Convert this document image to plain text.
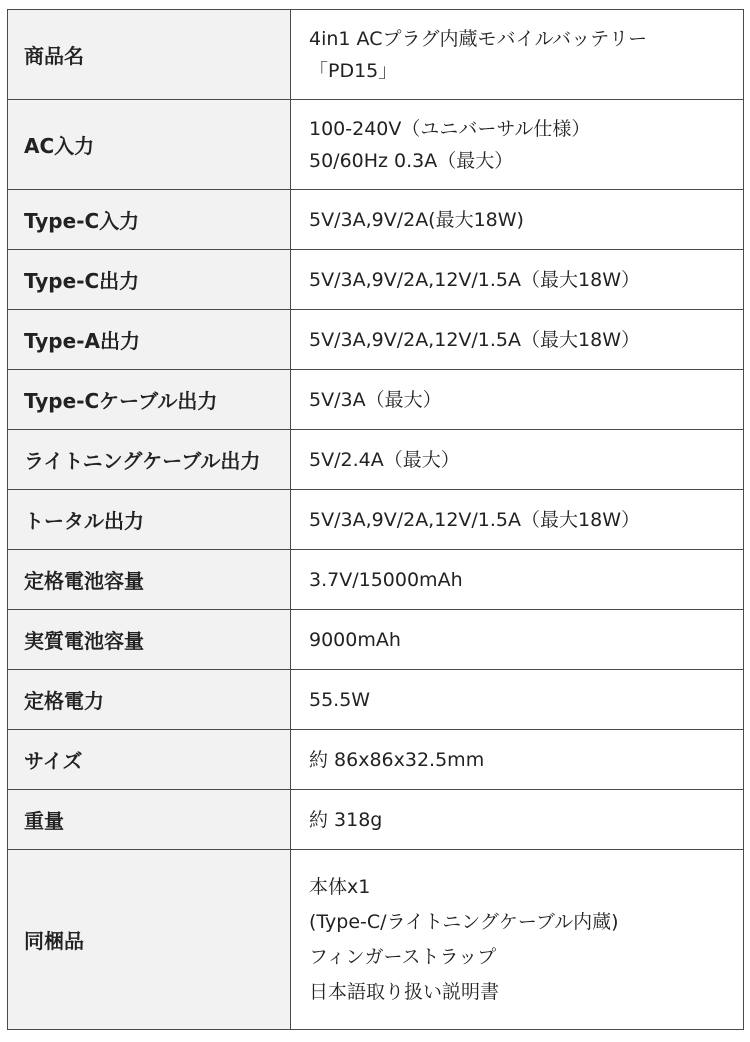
商品名	4in1 ACプラグ内蔵モバイルバッテリー
「PD15」

AC入力	100-240V（ユニバーサル仕様）
50/60Hz 0.3A（最大）

Type-C入力	5V/3A,9V/2A(最大18W)

Type-C出力	5V/3A,9V/2A,12V/1.5A（最大18W）

Type-A出力	5V/3A,9V/2A,12V/1.5A（最大18W）

Type-Cケーブル出力	5V/3A（最大）

ライトニングケーブル出力	5V/2.4A（最大）

トータル出力	5V/3A,9V/2A,12V/1.5A（最大18W）

定格電池容量	3.7V/15000mAh

実質電池容量	9000mAh

定格電力	55.5W

サイズ	約 86x86x32.5mm

重量	約 318g

同梱品	本体x1
(Type-C/ライトニングケーブル内蔵)
フィンガーストラップ
日本語取り扱い説明書
